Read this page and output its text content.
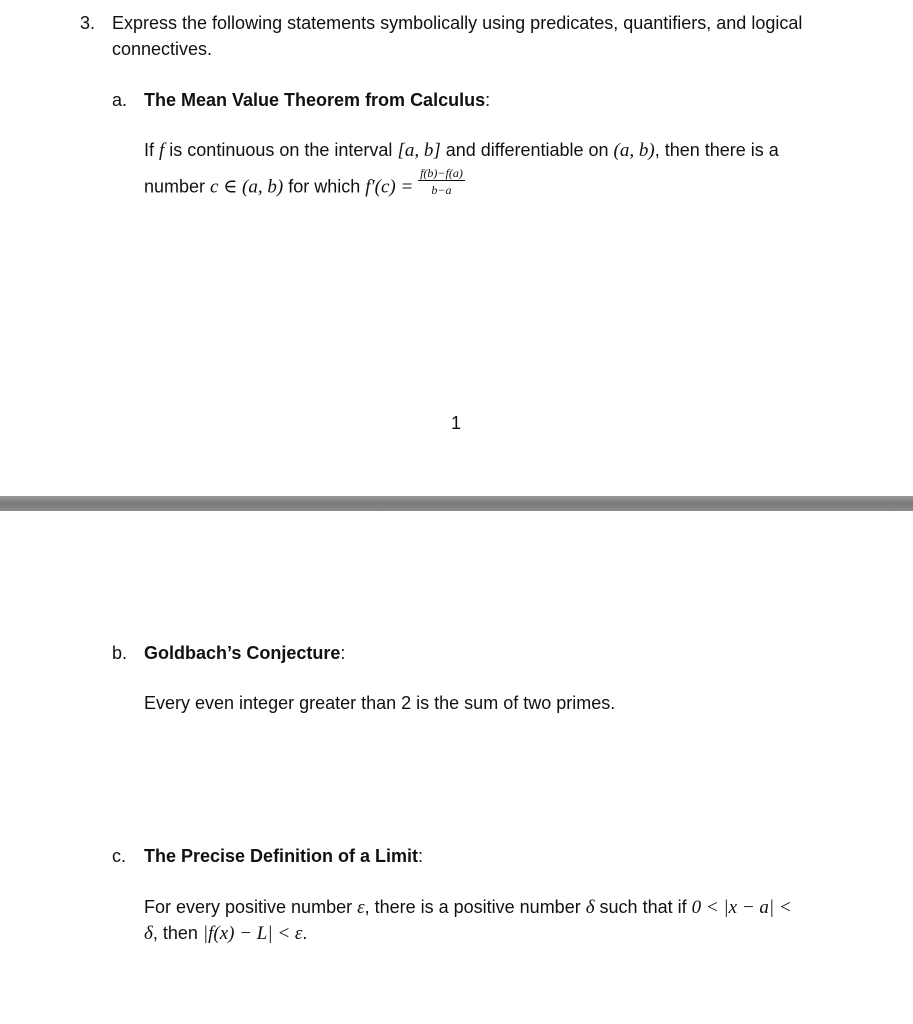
3. Express the following statements symbolically using predicates, quantifiers, and logical
connectives.
a. The Mean Value Theorem from Calculus:
If f is continuous on the interval [a, b] and differentiable on (a, b), then there is a
number c ∈ (a, b) for which $f'(c) = \frac{f(b)-f(a)}{b-a}$
1
b. Goldbach’s Conjecture:
Every even integer greater than 2 is the sum of two primes.
c. The Precise Definition of a Limit:
For every positive number ε, there is a positive number δ such that if 0 < |x − a| <
δ, then |f(x) − L| < ε.
